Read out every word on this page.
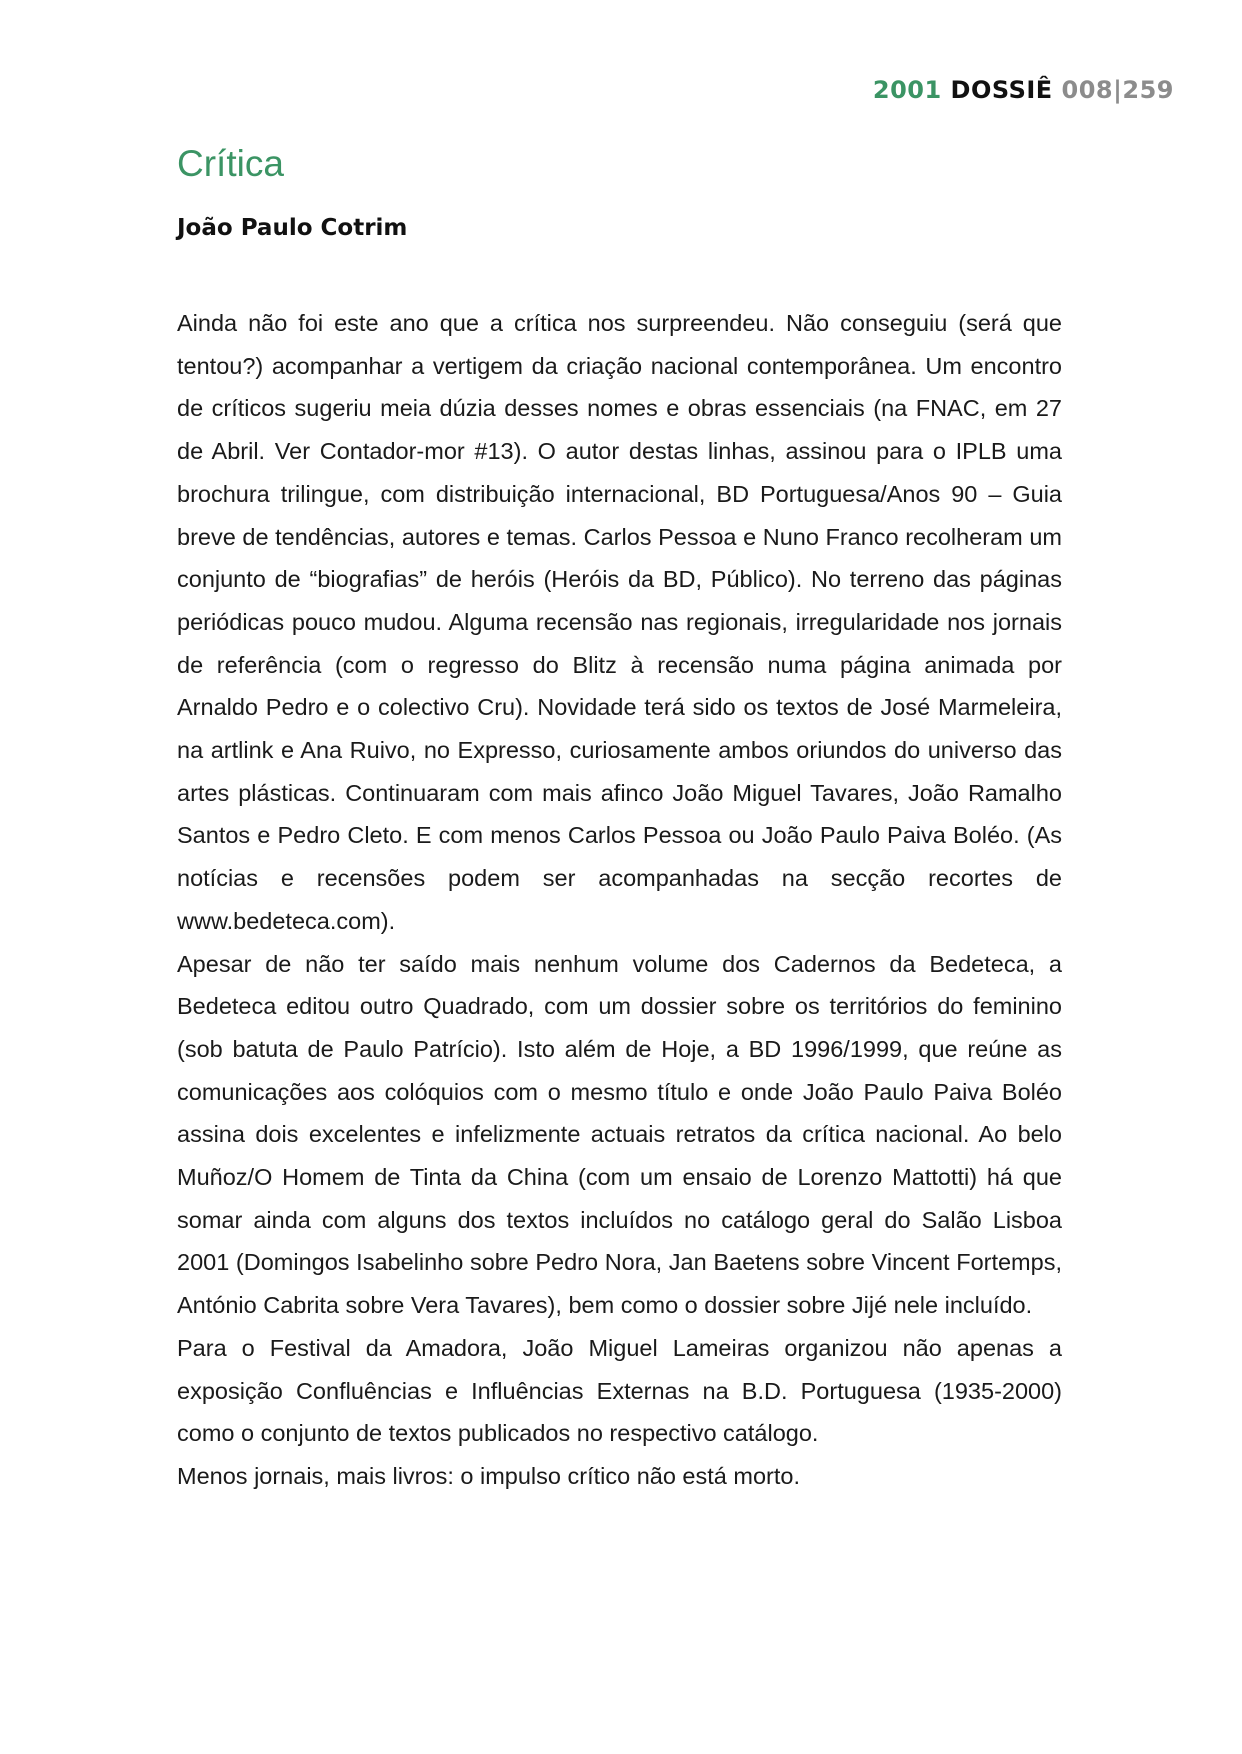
2001 DOSSIÊ 008|259
Crítica
João Paulo Cotrim

Ainda não foi este ano que a crítica nos surpreendeu. Não conseguiu (será que tentou?) acompanhar a vertigem da criação nacional contemporânea. Um encontro de críticos sugeriu meia dúzia desses nomes e obras essenciais (na FNAC, em 27 de Abril. Ver Contador-mor #13). O autor destas linhas, assinou para o IPLB uma brochura trilingue, com distribuição internacional, BD Portuguesa/Anos 90 – Guia breve de tendências, autores e temas. Carlos Pessoa e Nuno Franco recolheram um conjunto de “biografias” de heróis (Heróis da BD, Público). No terreno das páginas periódicas pouco mudou. Alguma recensão nas regionais, irregularidade nos jornais de referência (com o regresso do Blitz à recensão numa página animada por Arnaldo Pedro e o colectivo Cru). Novidade terá sido os textos de José Marmeleira, na artlink e Ana Ruivo, no Expresso, curiosamente ambos oriundos do universo das artes plásticas. Continuaram com mais afinco João Miguel Tavares, João Ramalho Santos e Pedro Cleto. E com menos Carlos Pessoa ou João Paulo Paiva Boléo. (As notícias e recensões podem ser acompanhadas na secção recortes de www.bedeteca.com).

Apesar de não ter saído mais nenhum volume dos Cadernos da Bedeteca, a Bedeteca editou outro Quadrado, com um dossier sobre os territórios do feminino (sob batuta de Paulo Patrício). Isto além de Hoje, a BD 1996/1999, que reúne as comunicações aos colóquios com o mesmo título e onde João Paulo Paiva Boléo assina dois excelentes e infelizmente actuais retratos da crítica nacional. Ao belo Muñoz/O Homem de Tinta da China (com um ensaio de Lorenzo Mattotti) há que somar ainda com alguns dos textos incluídos no catálogo geral do Salão Lisboa 2001 (Domingos Isabelinho sobre Pedro Nora, Jan Baetens sobre Vincent Fortemps, António Cabrita sobre Vera Tavares), bem como o dossier sobre Jijé nele incluído.

Para o Festival da Amadora, João Miguel Lameiras organizou não apenas a exposição Confluências e Influências Externas na B.D. Portuguesa (1935-2000) como o conjunto de textos publicados no respectivo catálogo.

Menos jornais, mais livros: o impulso crítico não está morto.
